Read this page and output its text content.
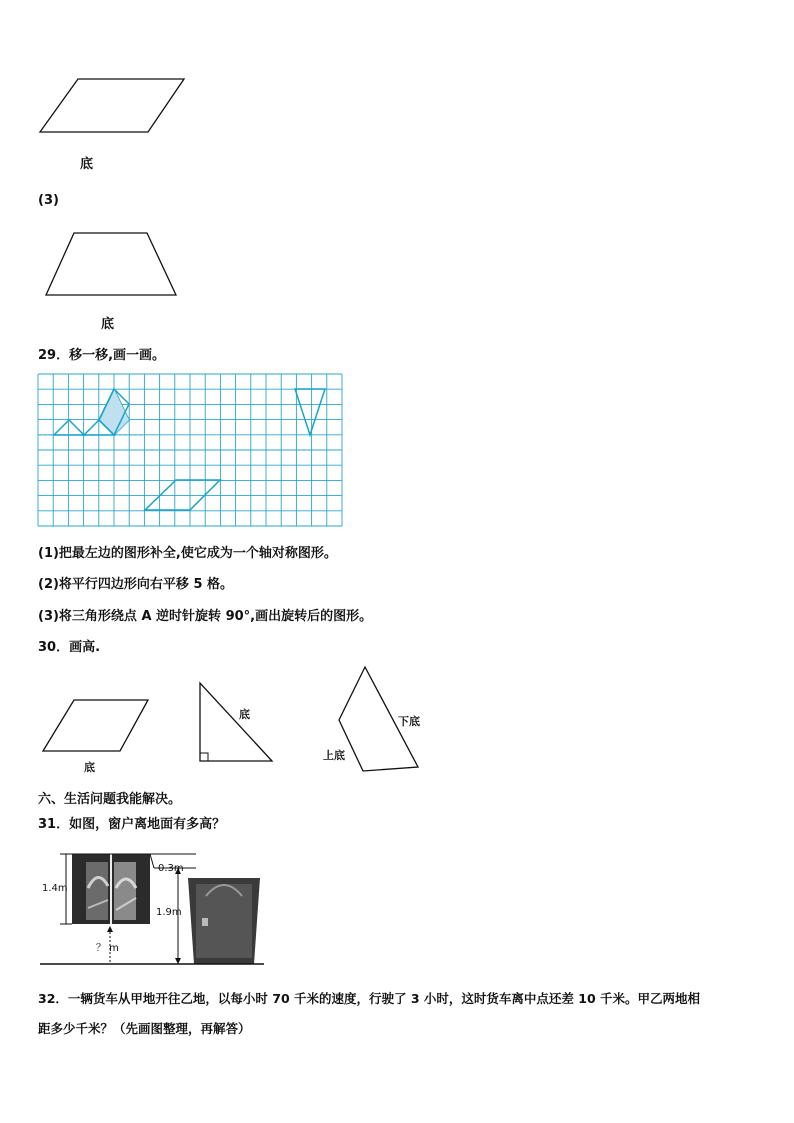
底
(3)
底
29．移一移,画一画。
(1)把最左边的图形补全,使它成为一个轴对称图形。
(2)将平行四边形向右平移 5 格。
(3)将三角形绕点 A 逆时针旋转 90°,画出旋转后的图形。
30．画高.
底
底
下底
上底
六、生活问题我能解决。
31．如图，窗户离地面有多高？
1.4m
0.3m
1.9m
？ m
32．一辆货车从甲地开往乙地，以每小时 70 千米的速度，行驶了 3 小时，这时货车离中点还差 10 千米。甲乙两地相
距多少千米？（先画图整理，再解答）
